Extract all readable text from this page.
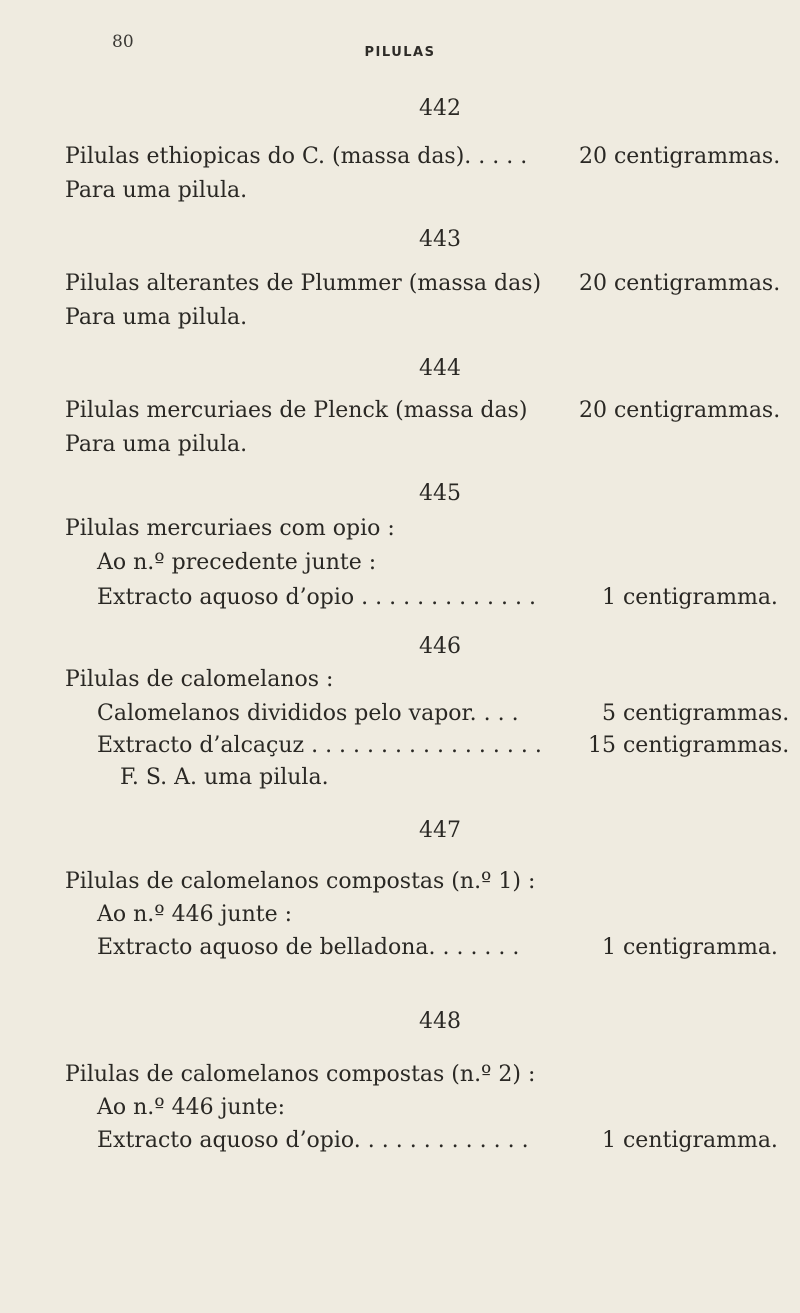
80
PILULAS
442
Pilulas ethiopicas do C. (massa das). . . . . 20 centigrammas.
Para uma pilula.
443
Pilulas alterantes de Plummer (massa das) 20 centigrammas.
Para uma pilula.
444
Pilulas mercuriaes de Plenck (massa das) 20 centigrammas.
Para uma pilula.
445
Pilulas mercuriaes com opio :
Ao n.º precedente junte :
Extracto aquoso d’opio . . . . . . . . . . . . .	1 centigramma.
446
Pilulas de calomelanos :
Calomelanos divididos pelo vapor. . . .	5 centigrammas.
Extracto d’alcaçuz . . . . . . . . . . . . . . . . . 15 centigrammas.
F. S. A. uma pilula.
447
Pilulas de calomelanos compostas (n.º 1) :
Ao n.º 446 junte :
Extracto aquoso de belladona. . . . . . .	1 centigramma.
448
Pilulas de calomelanos compostas (n.º 2) :
Ao n.º 446 junte:
Extracto aquoso d’opio. . . . . . . . . . . . .	1 centigramma.
